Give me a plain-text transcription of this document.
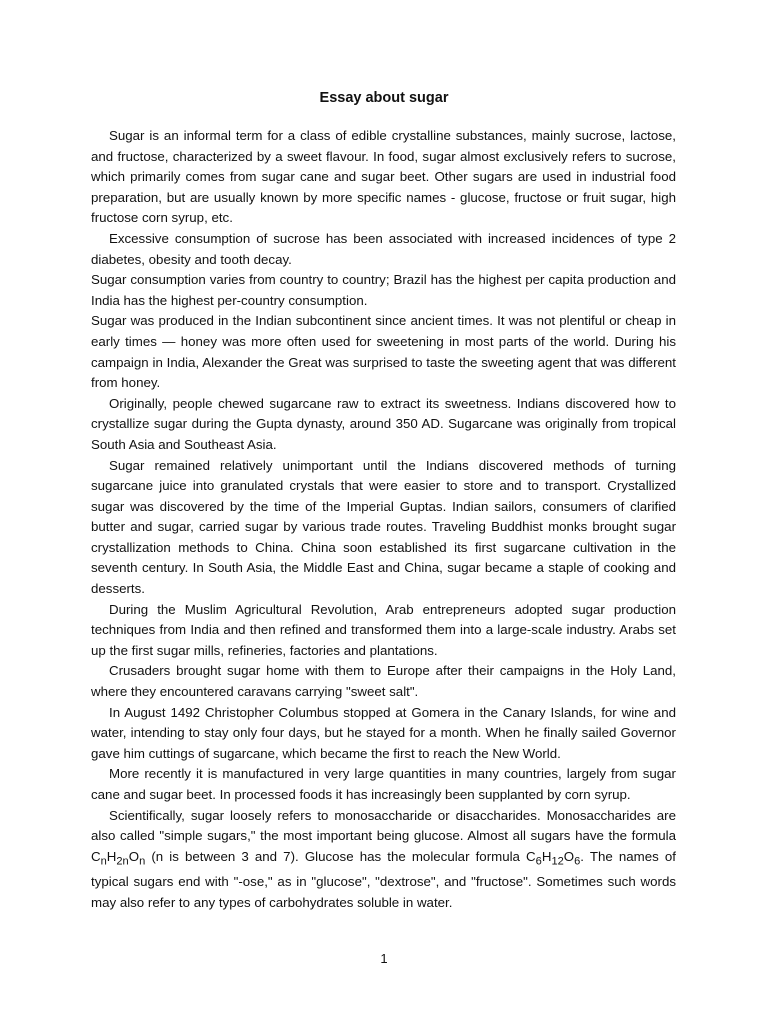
Essay about sugar

Sugar is an informal term for a class of edible crystalline substances, mainly sucrose, lactose, and fructose, characterized by a sweet flavour. In food, sugar almost exclusively refers to sucrose, which primarily comes from sugar cane and sugar beet. Other sugars are used in industrial food preparation, but are usually known by more specific names - glucose, fructose or fruit sugar, high fructose corn syrup, etc.

Excessive consumption of sucrose has been associated with increased incidences of type 2 diabetes, obesity and tooth decay.

Sugar consumption varies from country to country; Brazil has the highest per capita production and India has the highest per-country consumption.

Sugar was produced in the Indian subcontinent since ancient times. It was not plentiful or cheap in early times — honey was more often used for sweetening in most parts of the world. During his campaign in India, Alexander the Great was surprised to taste the sweeting agent that was different from honey.

Originally, people chewed sugarcane raw to extract its sweetness. Indians discovered how to crystallize sugar during the Gupta dynasty, around 350 AD. Sugarcane was originally from tropical South Asia and Southeast Asia.

Sugar remained relatively unimportant until the Indians discovered methods of turning sugarcane juice into granulated crystals that were easier to store and to transport. Crystallized sugar was discovered by the time of the Imperial Guptas. Indian sailors, consumers of clarified butter and sugar, carried sugar by various trade routes. Traveling Buddhist monks brought sugar crystallization methods to China. China soon established its first sugarcane cultivation in the seventh century. In South Asia, the Middle East and China, sugar became a staple of cooking and desserts.

During the Muslim Agricultural Revolution, Arab entrepreneurs adopted sugar production techniques from India and then refined and transformed them into a large-scale industry. Arabs set up the first sugar mills, refineries, factories and plantations.

Crusaders brought sugar home with them to Europe after their campaigns in the Holy Land, where they encountered caravans carrying "sweet salt".

In August 1492 Christopher Columbus stopped at Gomera in the Canary Islands, for wine and water, intending to stay only four days, but he stayed for a month. When he finally sailed Governor gave him cuttings of sugarcane, which became the first to reach the New World.

More recently it is manufactured in very large quantities in many countries, largely from sugar cane and sugar beet. In processed foods it has increasingly been supplanted by corn syrup.

Scientifically, sugar loosely refers to monosaccharide or disaccharides. Monosaccharides are also called "simple sugars," the most important being glucose. Almost all sugars have the formula $C_nH_{2n}O_n$ (n is between 3 and 7). Glucose has the molecular formula $C_6H_{12}O_6$. The names of typical sugars end with "-ose," as in "glucose", "dextrose", and "fructose". Sometimes such words may also refer to any types of carbohydrates soluble in water.

1
